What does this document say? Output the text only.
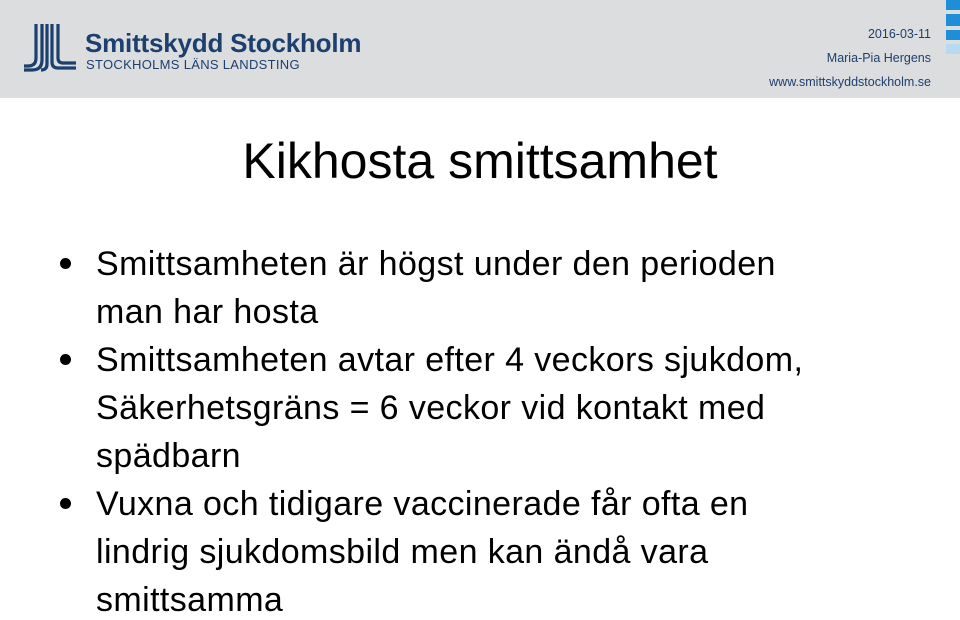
Smittskydd Stockholm
STOCKHOLMS LÄNS LANDSTING
2016-03-11
Maria-Pia Hergens
www.smittskyddstockholm.se
Kikhosta smittsamhet
Smittsamheten är högst under den perioden
man har hosta
Smittsamheten avtar efter 4 veckors sjukdom,
Säkerhetsgräns = 6 veckor vid kontakt med
spädbarn
Vuxna och tidigare vaccinerade får ofta en
lindrig sjukdomsbild men kan ändå vara
smittsamma
